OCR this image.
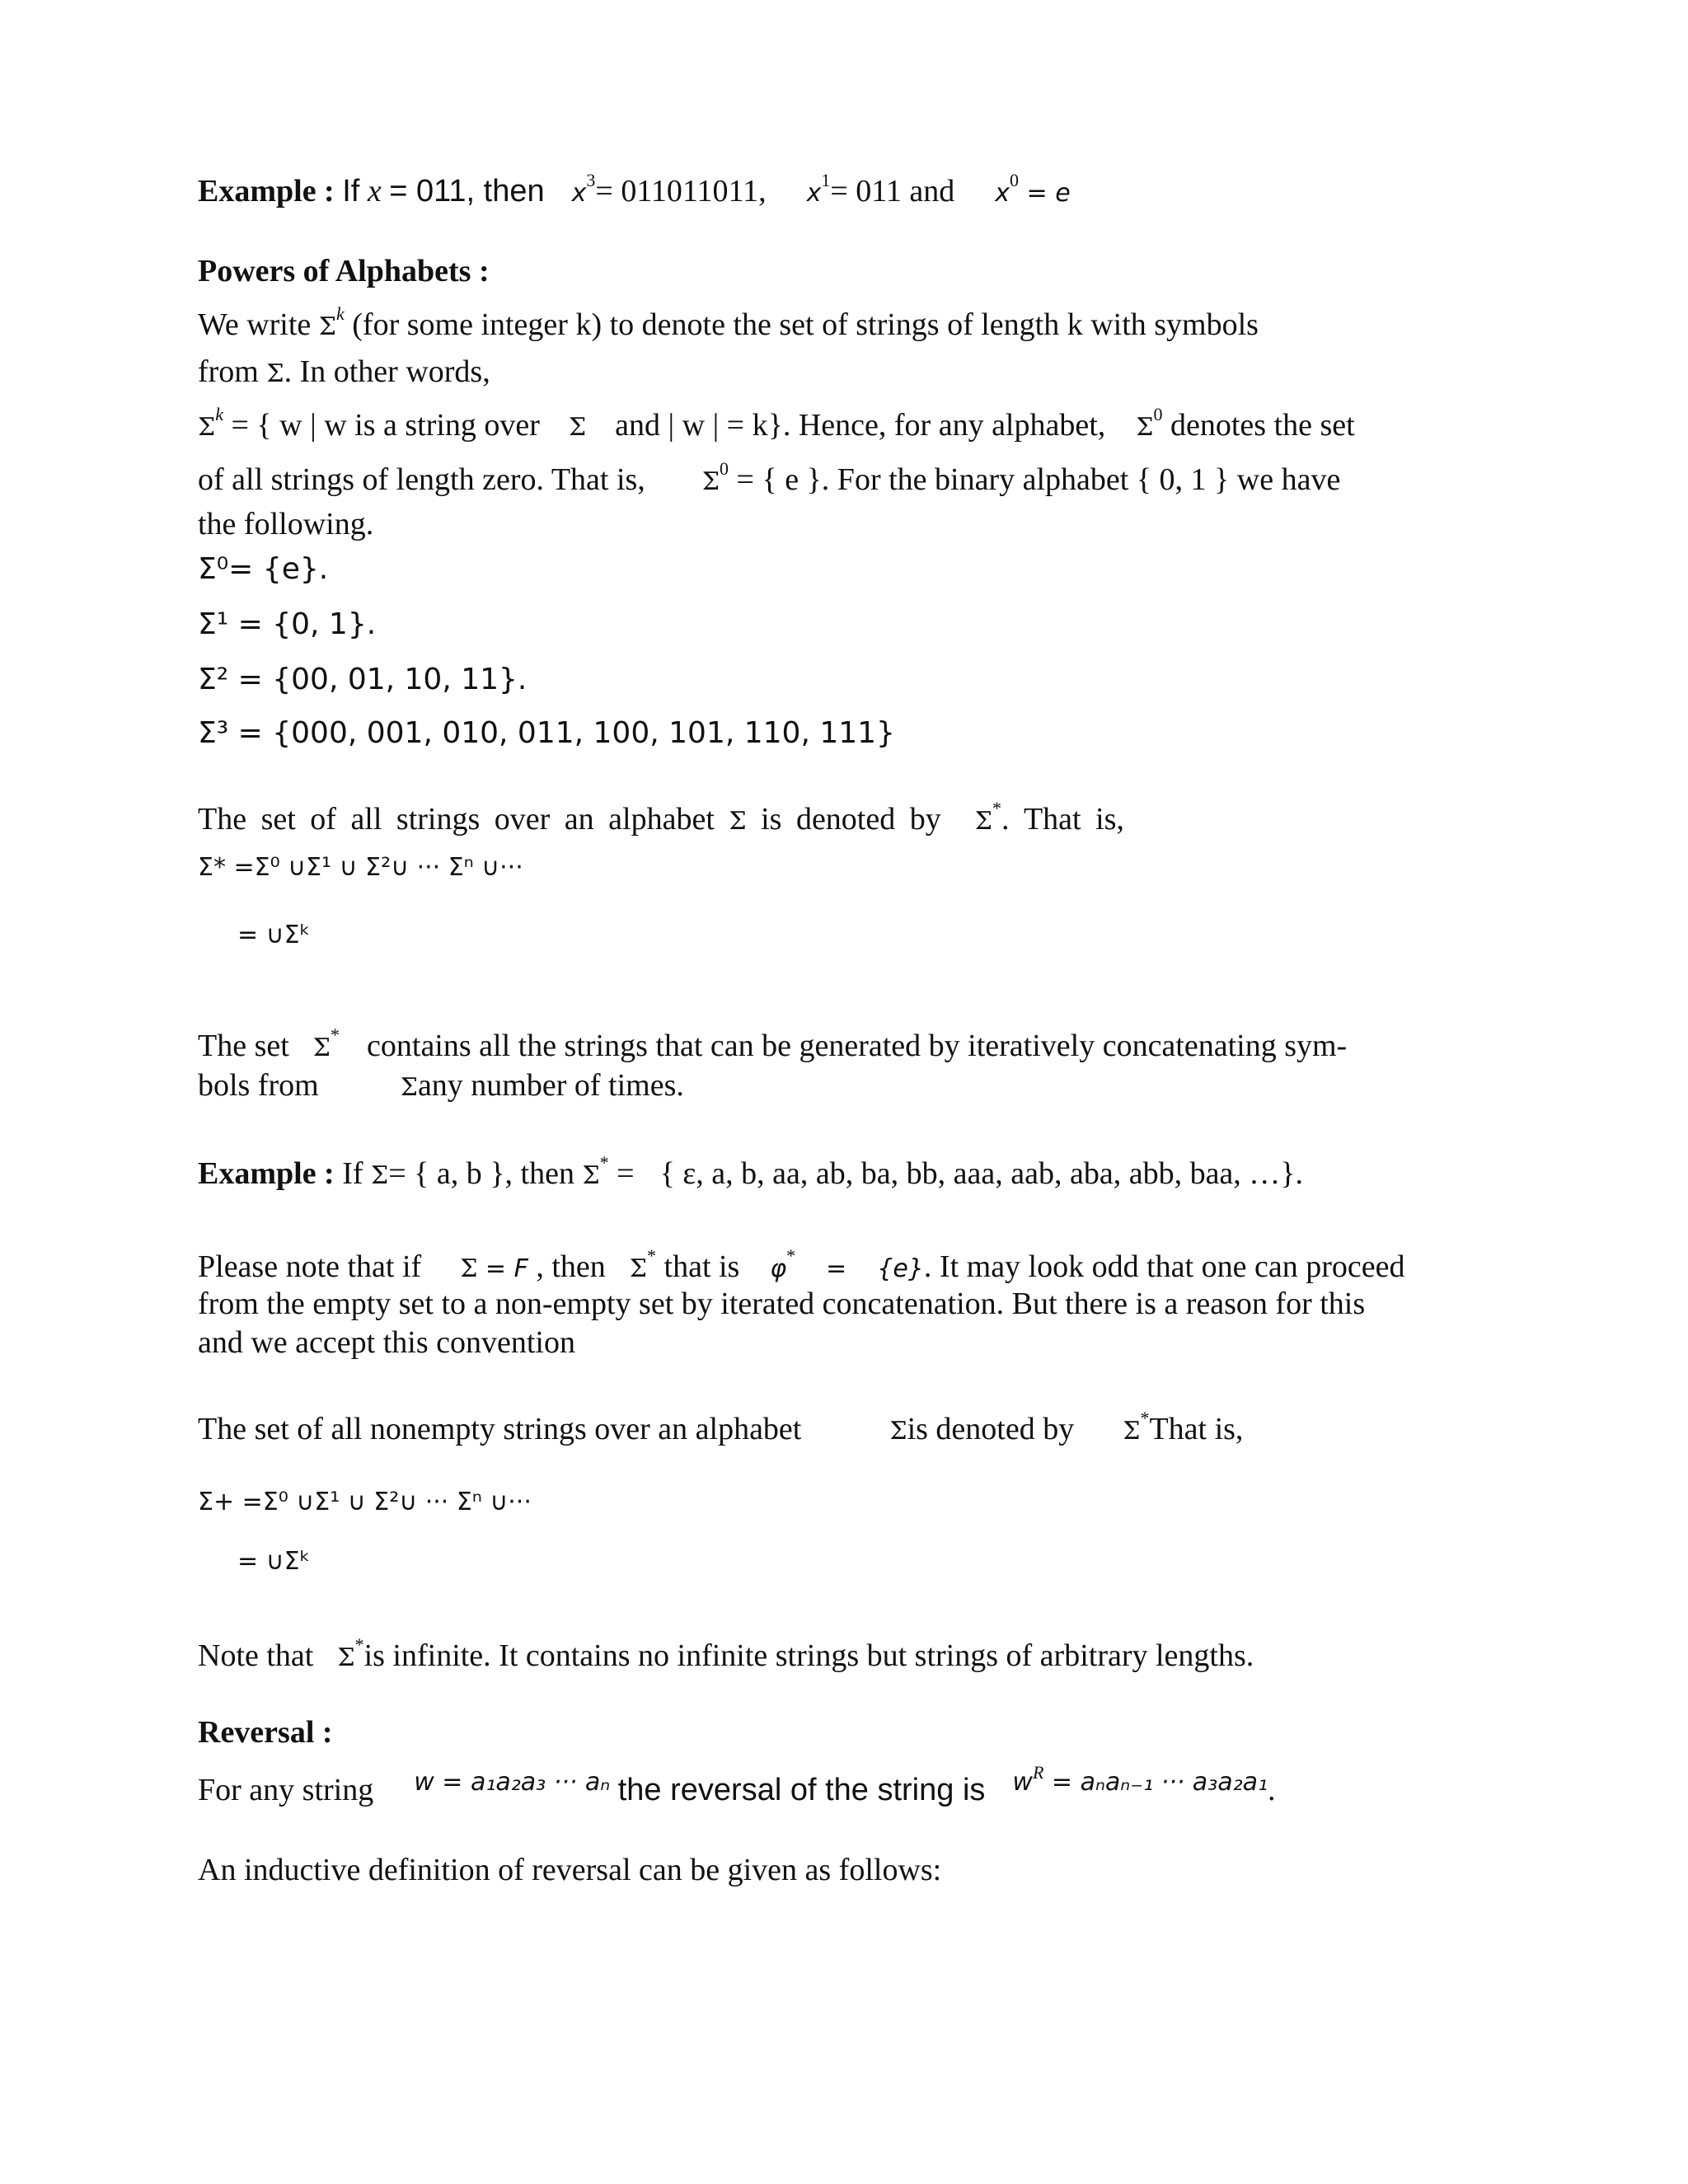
Example : If x = 011, then $x^3= 011011011$, $x^1= 011$ and $x^0 = e$
Powers of Alphabets :
We write $\Sigma^k$ (for some integer k) to denote the set of strings of length k with symbols
from Σ. In other words,
$\Sigma^k$ = { w | w is a string over Σ and | w | = k}. Hence, for any alphabet, $\Sigma^0$ denotes the set
of all strings of length zero. That is, $\Sigma^0$ = { e }. For the binary alphabet { 0, 1 } we have
the following.
Σ⁰= {e}.
Σ¹ = {0, 1}.
Σ² = {00, 01, 10, 11}.
Σ³ = {000, 001, 010, 011, 100, 101, 110, 111}
The set of all strings over an alphabet Σ is denoted by Σ*. That is,
Σ* =Σ⁰ ∪Σ¹ ∪ Σ²∪ ··· Σⁿ ∪···
= ∪Σᵏ
The set Σ* contains all the strings that can be generated by iteratively concatenating sym-
bols from	Σany number of times.
Example : If Σ= { a, b }, then Σ* = { ε, a, b, aa, ab, ba, bb, aaa, aab, aba, abb, baa, …}.
Please note that if Σ = F , then Σ* that is φ* = {e}. It may look odd that one can proceed
from the empty set to a non-empty set by iterated concatenation. But there is a reason for this
and we accept this convention
The set of all nonempty strings over an alphabet	Σis denoted by Σ*That is,
Σ+ =Σ⁰ ∪Σ¹ ∪ Σ²∪ ··· Σⁿ ∪···
= ∪Σᵏ
Note that Σ*is infinite. It contains no infinite strings but strings of arbitrary lengths.
Reversal :
For any string $^{w = a_1a_2a_3 \cdot\cdot\cdot a_n}$ the reversal of the string is $^{wR}$ $^{= a_na_{n-1} \cdot\cdot\cdot a_3a_2a_1}$.
An inductive definition of reversal can be given as follows:
